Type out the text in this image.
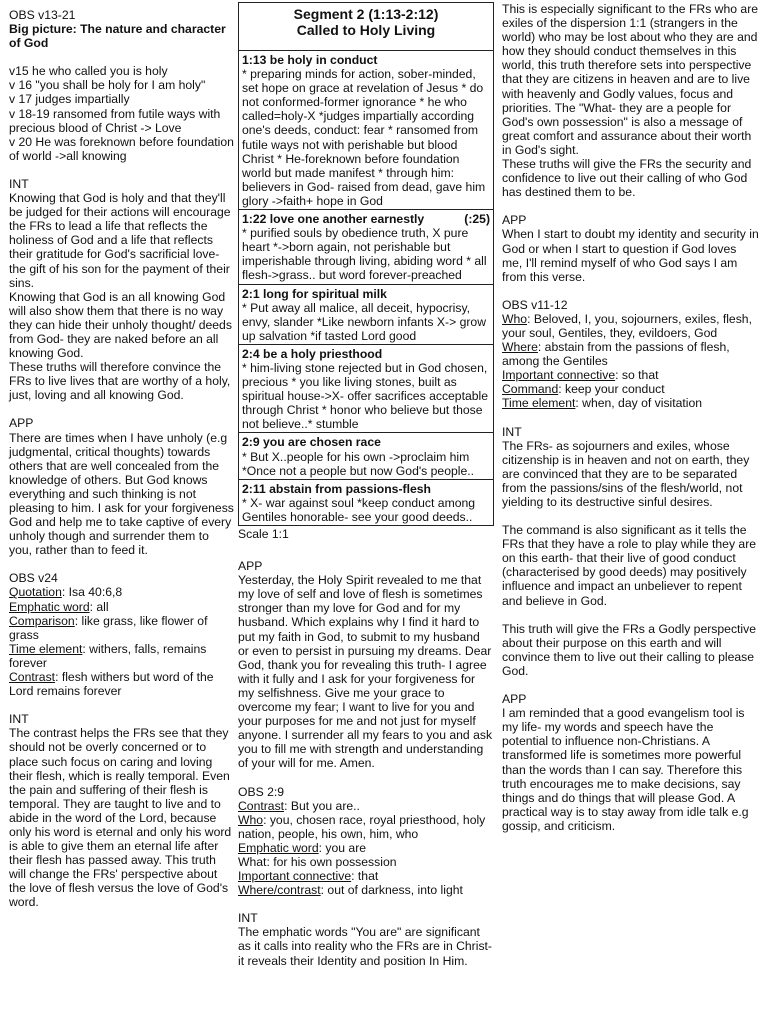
OBS v13-21

Big picture: The nature and character of God

v15 he who called you is holy

v 16 "you shall be holy for I am holy"

v 17 judges impartially

v 18-19 ransomed from futile ways with precious blood of Christ -> Love

v 20 He was foreknown before foundation of world ->all knowing

INT

Knowing that God is holy and that they'll be judged for their actions will encourage the FRs to lead a life that reflects the holiness of God and a life that reflects their gratitude for God's sacrificial love- the gift of his son for the payment of their sins.

Knowing that God is an all knowing God will also show them that there is no way they can hide their unholy thought/ deeds from God- they are naked before an all knowing God.

These truths will therefore convince the FRs to live lives that are worthy of a holy, just, loving and all knowing God.

APP

There are times when I have unholy (e.g judgmental, critical thoughts) towards others that are well concealed from the knowledge of others. But God knows everything and such thinking is not pleasing to him. I ask for your forgiveness God and help me to take captive of every unholy though and surrender them to you, rather than to feed it.

OBS v24

Quotation: Isa 40:6,8

Emphatic word: all

Comparison: like grass, like flower of grass

Time element: withers, falls, remains forever

Contrast: flesh withers but word of the Lord remains forever

INT

The contrast helps the FRs see that they should not be overly concerned or to place such focus on caring and loving their flesh, which is really temporal. Even the pain and suffering of their flesh is temporal. They are taught to live and to abide in the word of the Lord, because only his word is eternal and only his word is able to give them an eternal life after their flesh has passed away. This truth will change the FRs' perspective about the love of flesh versus the love of God's word.

Segment 2 (1:13-2:12)
Called to Holy Living
1:13 be holy in conduct

* preparing minds for action, sober-minded, set hope on grace at revelation of Jesus * do not conformed-former ignorance * he who called=holy-X *judges impartially according one's deeds, conduct: fear * ransomed from futile ways not with perishable but blood Christ * He-foreknown before foundation world but made manifest * through him: believers in God- raised from dead, gave him glory ->faith+ hope in God

1:22 love one another earnestly	(:25)

* purified souls by obedience truth, X pure heart *->born again, not perishable but imperishable through living, abiding word * all flesh->grass.. but word forever-preached

2:1 long for spiritual milk

* Put away all malice, all deceit, hypocrisy, envy, slander *Like newborn infants X-> grow up salvation *if tasted Lord good

2:4 be a holy priesthood

* him-living stone rejected but in God chosen, precious * you like living stones, built as spiritual house->X- offer sacrifices acceptable through Christ * honor who believe but those not believe..* stumble

2:9 you are chosen race

* But X..people for his own ->proclaim him *Once not a people but now God's people..

2:11 abstain from passions-flesh

* X- war against soul *keep conduct among Gentiles honorable- see your good deeds..

Scale 1:1

APP

Yesterday, the Holy Spirit revealed to me that my love of self and love of flesh is sometimes stronger than my love for God and for my husband. Which explains why I find it hard to put my faith in God, to submit to my husband or even to persist in pursuing my dreams. Dear God, thank you for revealing this truth- I agree with it fully and I ask for your forgiveness for my selfishness. Give me your grace to overcome my fear; I want to live for you and your purposes for me and not just for myself anyone. I surrender all my fears to you and ask you to fill me with strength and understanding of your will for me. Amen.

OBS 2:9

Contrast: But you are..

Who: you, chosen race, royal priesthood, holy nation, people, his own, him, who

Emphatic word: you are

What: for his own possession

Important connective: that

Where/contrast: out of darkness, into light

INT

The emphatic words "You are" are significant as it calls into reality who the FRs are in Christ- it reveals their Identity and position In Him.

This is especially significant to the FRs who are exiles of the dispersion 1:1 (strangers in the world) who may be lost about who they are and how they should conduct themselves in this world, this truth therefore sets into perspective that they are citizens in heaven and are to live with heavenly and Godly values, focus and priorities. The "What- they are a people for God's own possession" is also a message of great comfort and assurance about their worth in God's sight.

These truths will give the FRs the security and confidence to live out their calling of who God has destined them to be.

APP

When I start to doubt my identity and security in God or when I start to question if God loves me, I'll remind myself of who God says I am from this verse.

OBS v11-12

Who: Beloved, I, you, sojourners, exiles, flesh, your soul, Gentiles, they, evildoers, God

Where: abstain from the passions of flesh, among the Gentiles

Important connective: so that

Command: keep your conduct

Time element: when, day of visitation

INT

The FRs- as sojourners and exiles, whose citizenship is in heaven and not on earth, they are convinced that they are to be separated from the passions/sins of the flesh/world, not yielding to its destructive sinful desires.

The command is also significant as it tells the FRs that they have a role to play while they are on this earth- that their live of good conduct (characterised by good deeds) may positively influence and impact an unbeliever to repent and believe in God.

This truth will give the FRs a Godly perspective about their purpose on this earth and will convince them to live out their calling to please God.

APP

I am reminded that a good evangelism tool is my life- my words and speech have the potential to influence non-Christians. A transformed life is sometimes more powerful than the words than I can say. Therefore this truth encourages me to make decisions, say things and do things that will please God. A practical way is to stay away from idle talk e.g gossip, and criticism.
